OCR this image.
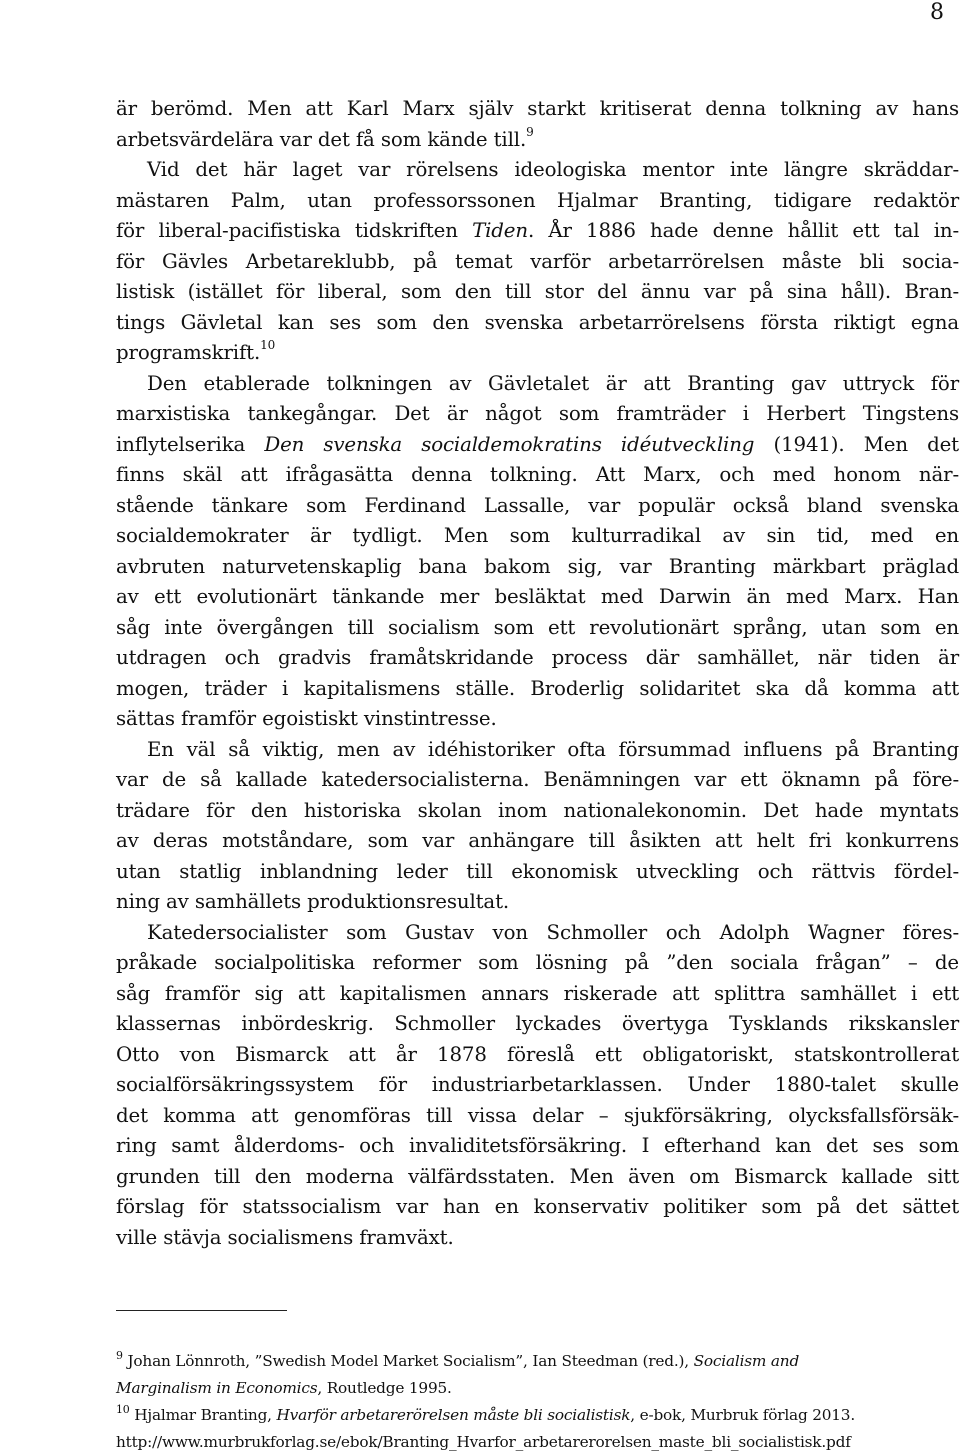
8
är berömd. Men att Karl Marx själv starkt kritiserat denna tolkning av hans
arbetsvärdelära var det få som kände till.$^9$
Vid det här laget var rörelsens ideologiska mentor inte längre skräddar-
mästaren Palm, utan professorssonen Hjalmar Branting, tidigare redaktör
för liberal-pacifistiska tidskriften Tiden. År 1886 hade denne hållit ett tal in-
för Gävles Arbetareklubb, på temat varför arbetarrörelsen måste bli socia-
listisk (istället för liberal, som den till stor del ännu var på sina håll). Bran-
tings Gävletal kan ses som den svenska arbetarrörelsens första riktigt egna
programskrift.$^{10}$
Den etablerade tolkningen av Gävletalet är att Branting gav uttryck för
marxistiska tankegångar. Det är något som framträder i Herbert Tingstens
inflytelserika Den svenska socialdemokratins idéutveckling (1941). Men det
finns skäl att ifrågasätta denna tolkning. Att Marx, och med honom när-
stående tänkare som Ferdinand Lassalle, var populär också bland svenska
socialdemokrater är tydligt. Men som kulturradikal av sin tid, med en
avbruten naturvetenskaplig bana bakom sig, var Branting märkbart präglad
av ett evolutionärt tänkande mer besläktat med Darwin än med Marx. Han
såg inte övergången till socialism som ett revolutionärt språng, utan som en
utdragen och gradvis framåtskridande process där samhället, när tiden är
mogen, träder i kapitalismens ställe. Broderlig solidaritet ska då komma att
sättas framför egoistiskt vinstintresse.
En väl så viktig, men av idéhistoriker ofta försummad influens på Branting
var de så kallade katedersocialisterna. Benämningen var ett öknamn på före-
trädare för den historiska skolan inom nationalekonomin. Det hade myntats
av deras motståndare, som var anhängare till åsikten att helt fri konkurrens
utan statlig inblandning leder till ekonomisk utveckling och rättvis fördel-
ning av samhällets produktionsresultat.
Katedersocialister som Gustav von Schmoller och Adolph Wagner föres-
pråkade socialpolitiska reformer som lösning på ”den sociala frågan” – de
såg framför sig att kapitalismen annars riskerade att splittra samhället i ett
klassernas inbördeskrig. Schmoller lyckades övertyga Tysklands rikskansler
Otto von Bismarck att år 1878 föreslå ett obligatoriskt, statskontrollerat
socialförsäkringssystem för industriarbetarklassen. Under 1880-talet skulle
det komma att genomföras till vissa delar – sjukförsäkring, olycksfallsförsäk-
ring samt ålderdoms- och invaliditetsförsäkring. I efterhand kan det ses som
grunden till den moderna välfärdsstaten. Men även om Bismarck kallade sitt
förslag för statssocialism var han en konservativ politiker som på det sättet
ville stävja socialismens framväxt.
$^9$ Johan Lönnroth, ”Swedish Model Market Socialism”, Ian Steedman (red.), Socialism and
Marginalism in Economics, Routledge 1995.
$^{10}$ Hjalmar Branting, Hvarför arbetarerörelsen måste bli socialistisk, e-bok, Murbruk förlag 2013.
http://www.murbrukforlag.se/ebok/Branting_Hvarfor_arbetarerorelsen_maste_bli_socialistisk.pdf
